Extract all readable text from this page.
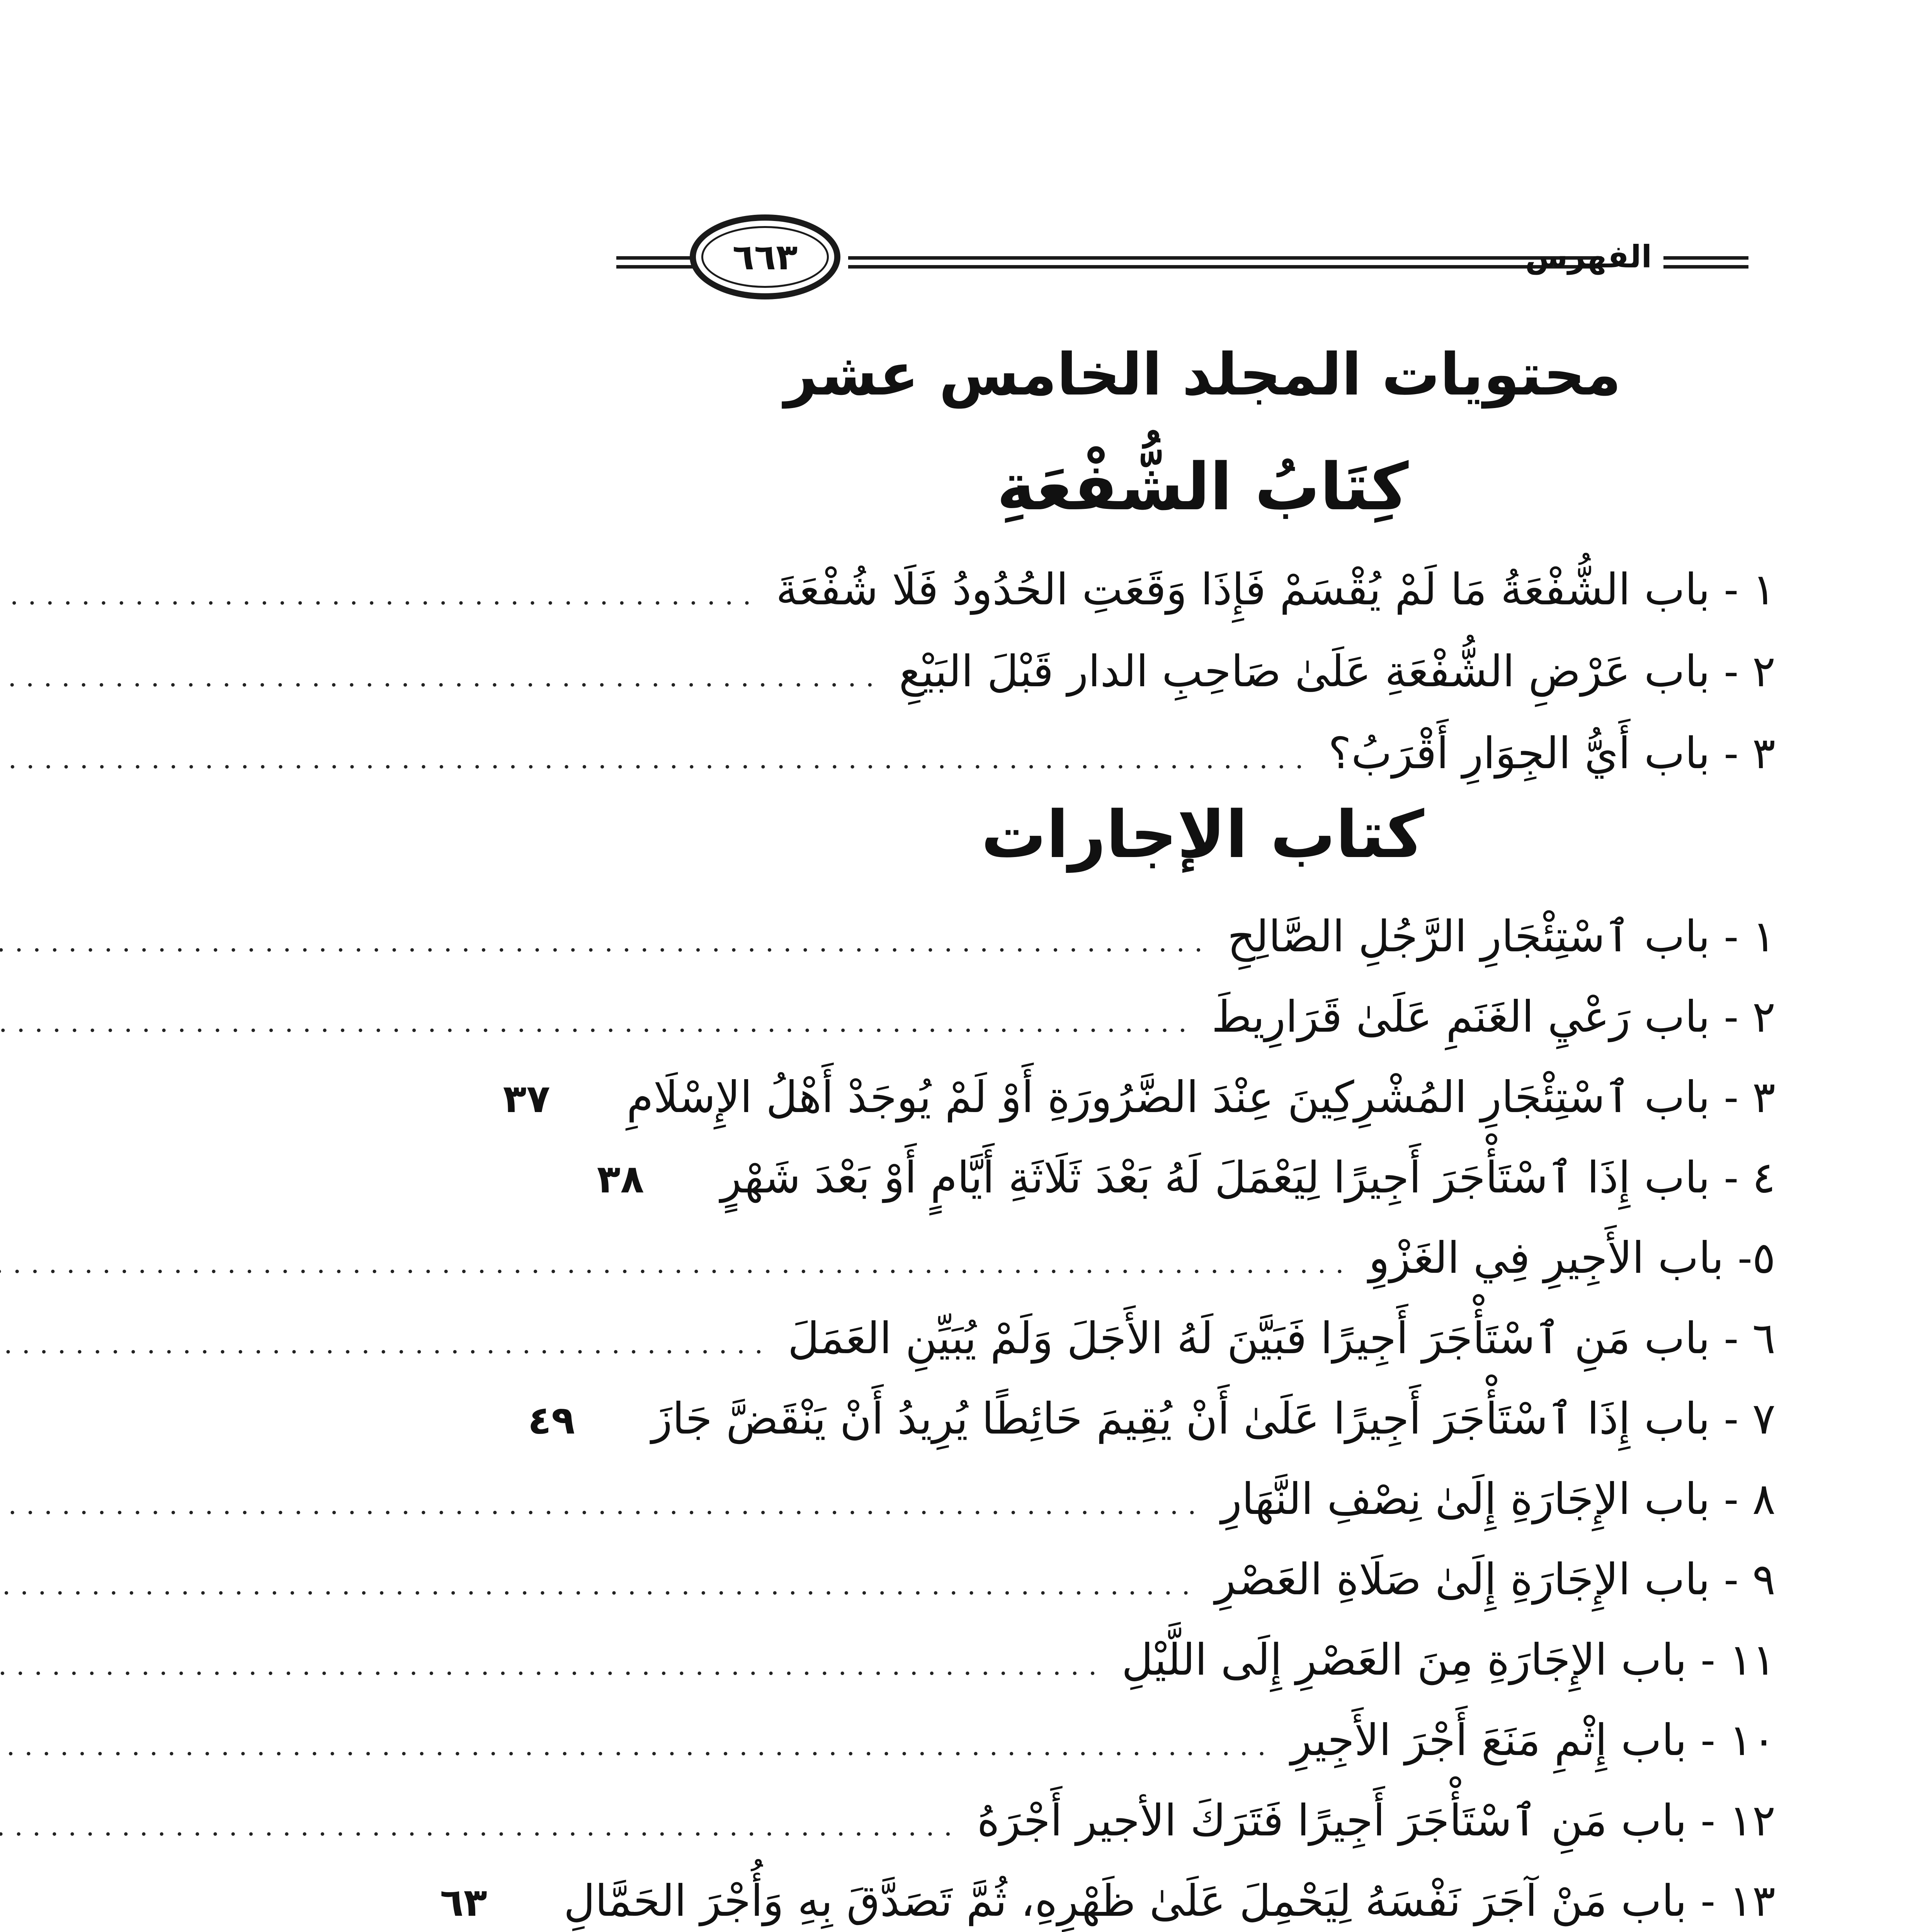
الفهرس
٦٦٣
محتويات المجلد الخامس عشر
كِتَابُ الشُّفْعَةِ
١ - باب الشُّفْعَةُ مَا لَمْ يُقْسَمْ فَإِذَا وَقَعَتِ الحُدُودُ فَلَا شُفْعَةَ
.....
٢ - باب عَرْضِ الشُّفْعَةِ عَلَىٰ صَاحِبِ الدار قَبْلَ البَيْعِ
.....
٣ - باب أَيُّ الجِوَارِ أَقْرَبُ؟
.....
كتاب الإجارات
١ - باب ٱسْتِئْجَارِ الرَّجُلِ الصَّالِحِ
.....
٢ - باب رَعْيِ الغَنَمِ عَلَىٰ قَرَارِيطَ
.....
٣ - باب ٱسْتِئْجَارِ المُشْرِكِينَ عِنْدَ الضَّرُورَةِ أَوْ لَمْ يُوجَدْ أَهْلُ الإِسْلَامِ
٣٧
٤ - باب إِذَا ٱسْتَأْجَرَ أَجِيرًا لِيَعْمَلَ لَهُ بَعْدَ ثَلَاثَةِ أَيَّامٍ أَوْ بَعْدَ شَهْرٍ
٣٨
٥- باب الأَجِيرِ فِي الغَزْوِ
.....
٦ - باب مَنِ ٱسْتَأْجَرَ أَجِيرًا فَبَيَّنَ لَهُ الأَجَلَ وَلَمْ يُبَيِّنِ العَمَلَ
.....
٧ - باب إِذَا ٱسْتَأْجَرَ أَجِيرًا عَلَىٰ أَنْ يُقِيمَ حَائِطًا يُرِيدُ أَنْ يَنْقَضَّ جَازَ
٤٩
٨ - باب الإِجَارَةِ إِلَىٰ نِصْفِ النَّهَارِ
.....
٩ - باب الإِجَارَةِ إِلَىٰ صَلَاةِ العَصْرِ
.....
١١ - باب الإِجَارَةِ مِنَ العَصْرِ إِلَى اللَّيْلِ
.....
١٠ - باب إِثْمِ مَنَعَ أَجْرَ الأَجِيرِ
.....
١٢ - باب مَنِ ٱسْتَأْجَرَ أَجِيرًا فَتَرَكَ الأجير أَجْرَهُ
.....
١٣ - باب مَنْ آجَرَ نَفْسَهُ لِيَحْمِلَ عَلَىٰ ظَهْرِهِ، ثُمَّ تَصَدَّقَ بِهِ وَأُجْرَ الحَمَّالِ
٦٣
